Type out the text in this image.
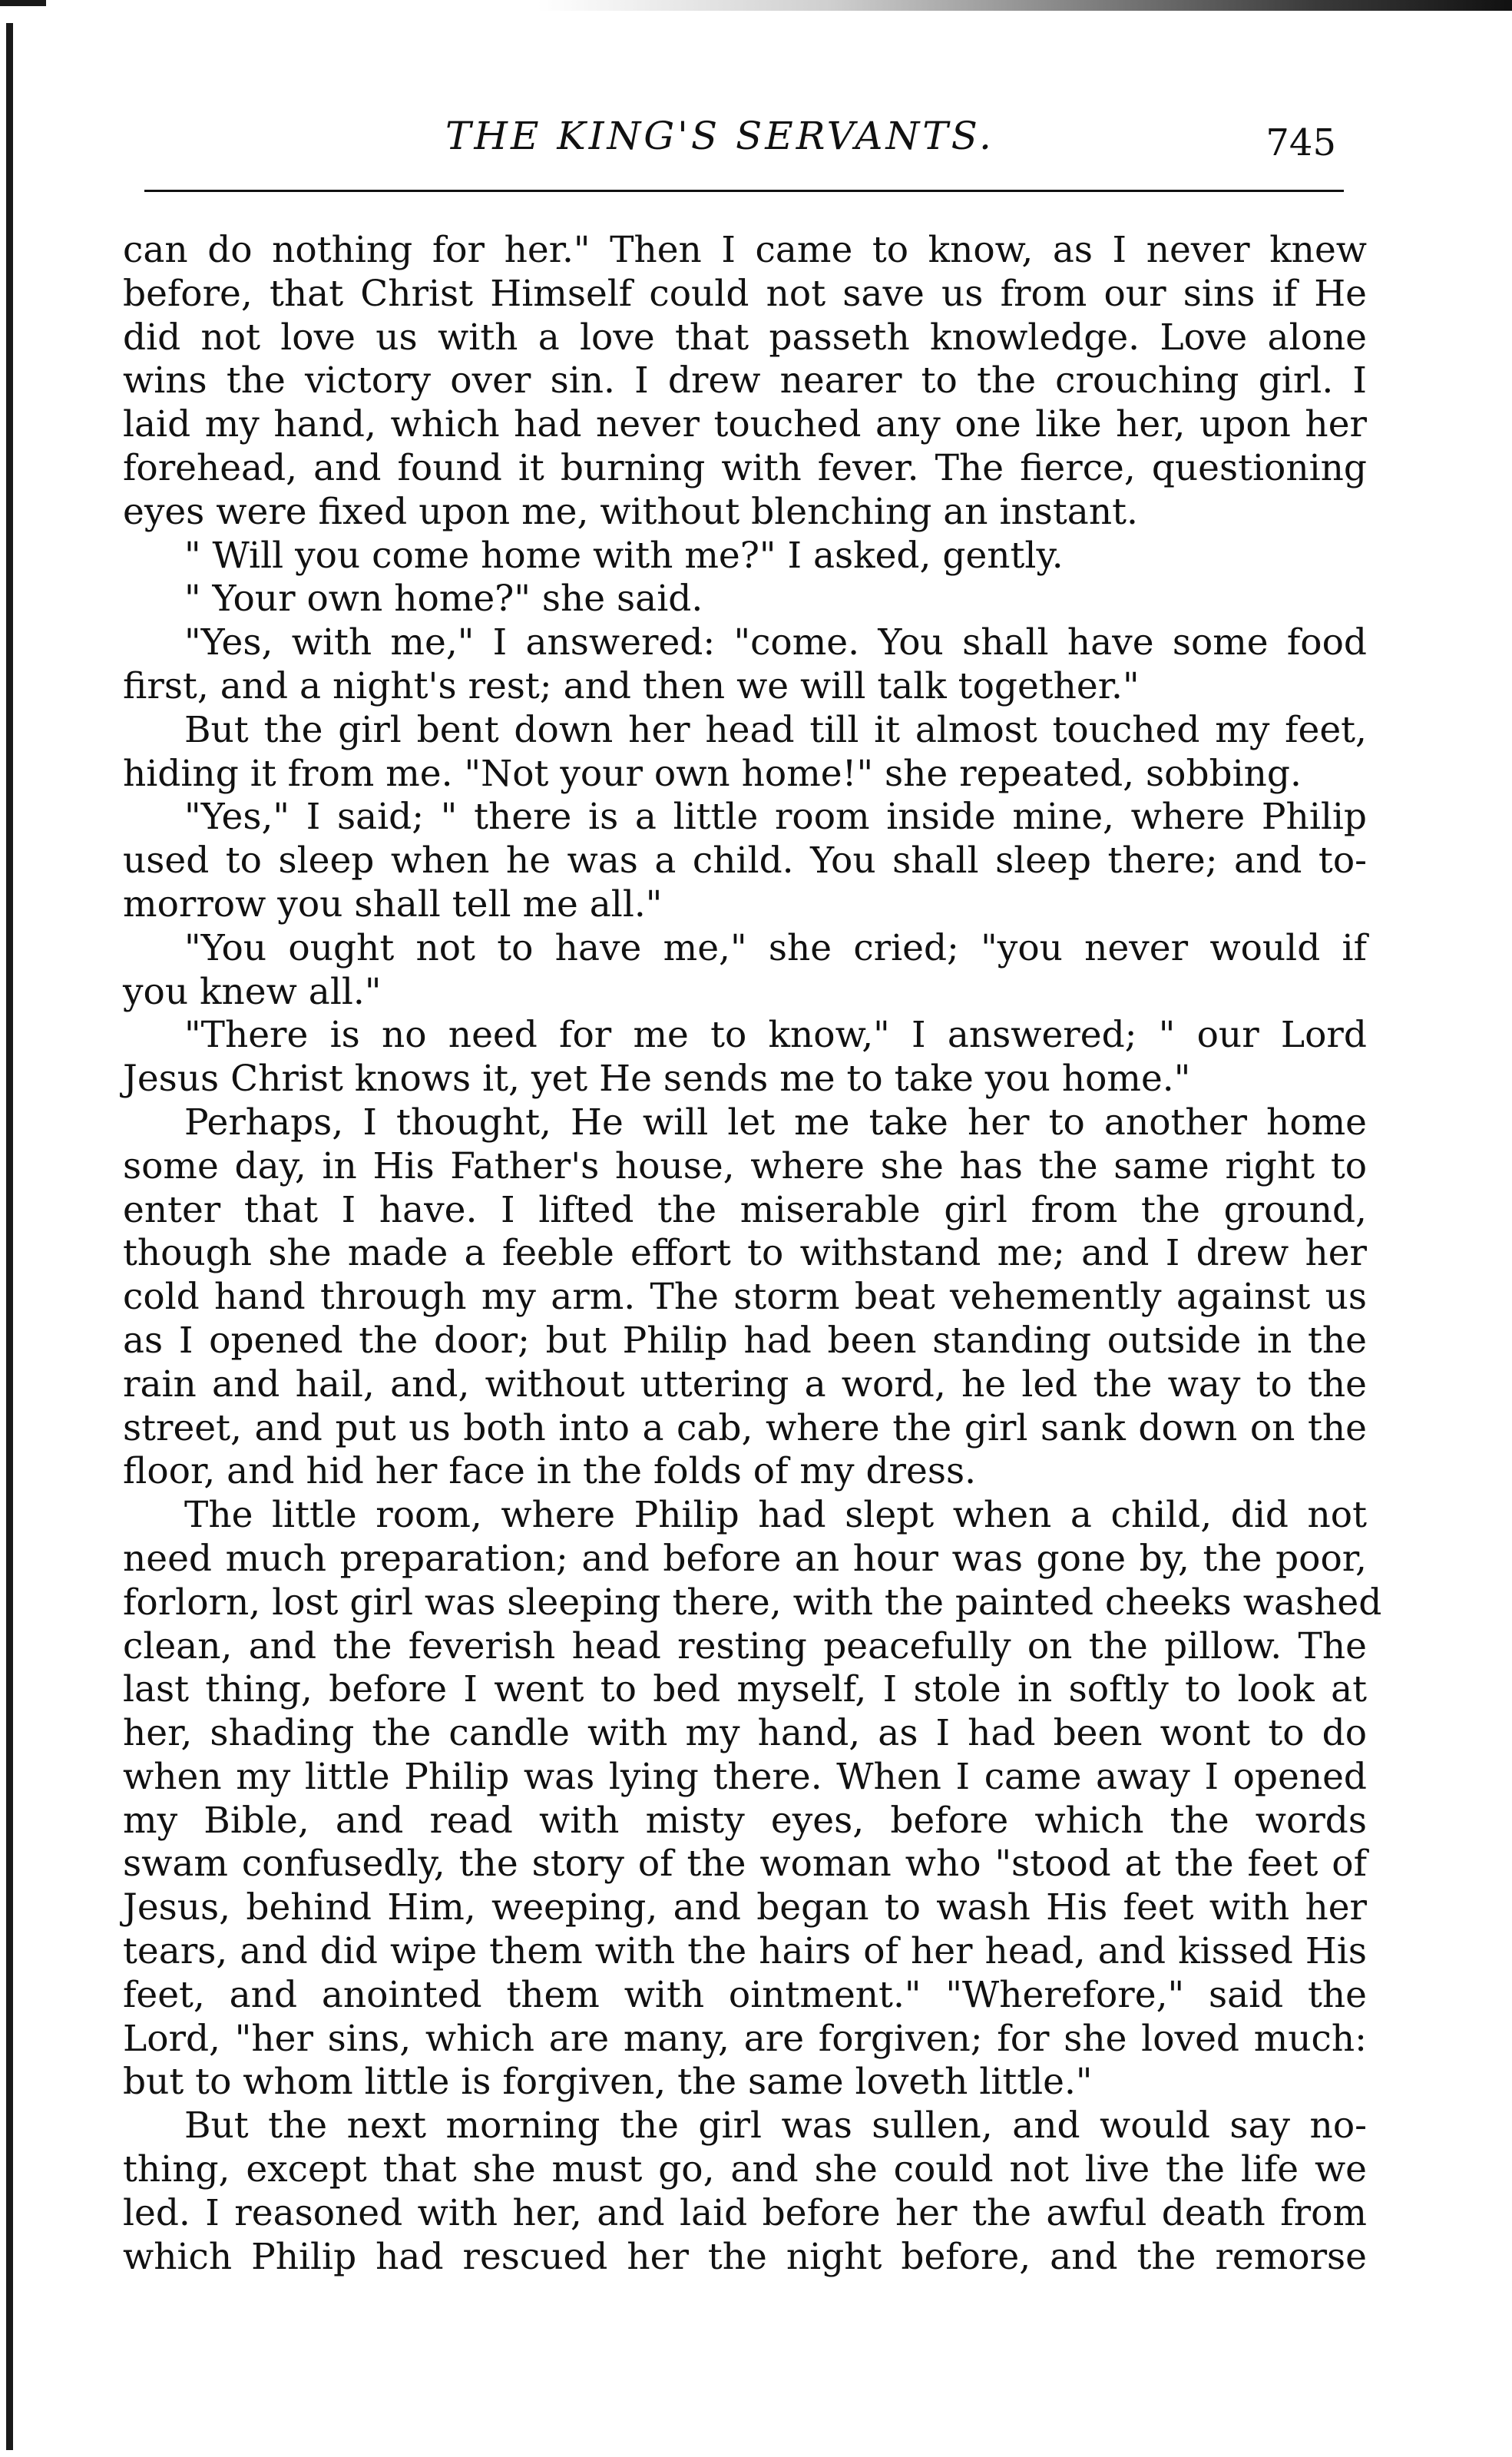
THE KING'S SERVANTS.	745
can do nothing for her." Then I came to know, as I never knew
before, that Christ Himself could not save us from our sins if He
did not love us with a love that passeth knowledge. Love alone
wins the victory over sin. I drew nearer to the crouching girl. I
laid my hand, which had never touched any one like her, upon her
forehead, and found it burning with fever. The fierce, questioning
eyes were fixed upon me, without blenching an instant.
" Will you come home with me?" I asked, gently.
" Your own home?" she said.
"Yes, with me," I answered: "come. You shall have some food
first, and a night's rest; and then we will talk together."
But the girl bent down her head till it almost touched my feet,
hiding it from me. "Not your own home!" she repeated, sobbing.
"Yes," I said; " there is a little room inside mine, where Philip
used to sleep when he was a child. You shall sleep there; and to-
morrow you shall tell me all."
"You ought not to have me," she cried; "you never would if
you knew all."
"There is no need for me to know," I answered; " our Lord
Jesus Christ knows it, yet He sends me to take you home."
Perhaps, I thought, He will let me take her to another home
some day, in His Father's house, where she has the same right to
enter that I have. I lifted the miserable girl from the ground,
though she made a feeble effort to withstand me; and I drew her
cold hand through my arm. The storm beat vehemently against us
as I opened the door; but Philip had been standing outside in the
rain and hail, and, without uttering a word, he led the way to the
street, and put us both into a cab, where the girl sank down on the
floor, and hid her face in the folds of my dress.
The little room, where Philip had slept when a child, did not
need much preparation; and before an hour was gone by, the poor,
forlorn, lost girl was sleeping there, with the painted cheeks washed
clean, and the feverish head resting peacefully on the pillow. The
last thing, before I went to bed myself, I stole in softly to look at
her, shading the candle with my hand, as I had been wont to do
when my little Philip was lying there. When I came away I opened
my Bible, and read with misty eyes, before which the words
swam confusedly, the story of the woman who "stood at the feet of
Jesus, behind Him, weeping, and began to wash His feet with her
tears, and did wipe them with the hairs of her head, and kissed His
feet, and anointed them with ointment." "Wherefore," said the
Lord, "her sins, which are many, are forgiven; for she loved much:
but to whom little is forgiven, the same loveth little."
But the next morning the girl was sullen, and would say no-
thing, except that she must go, and she could not live the life we
led. I reasoned with her, and laid before her the awful death from
which Philip had rescued her the night before, and the remorse
